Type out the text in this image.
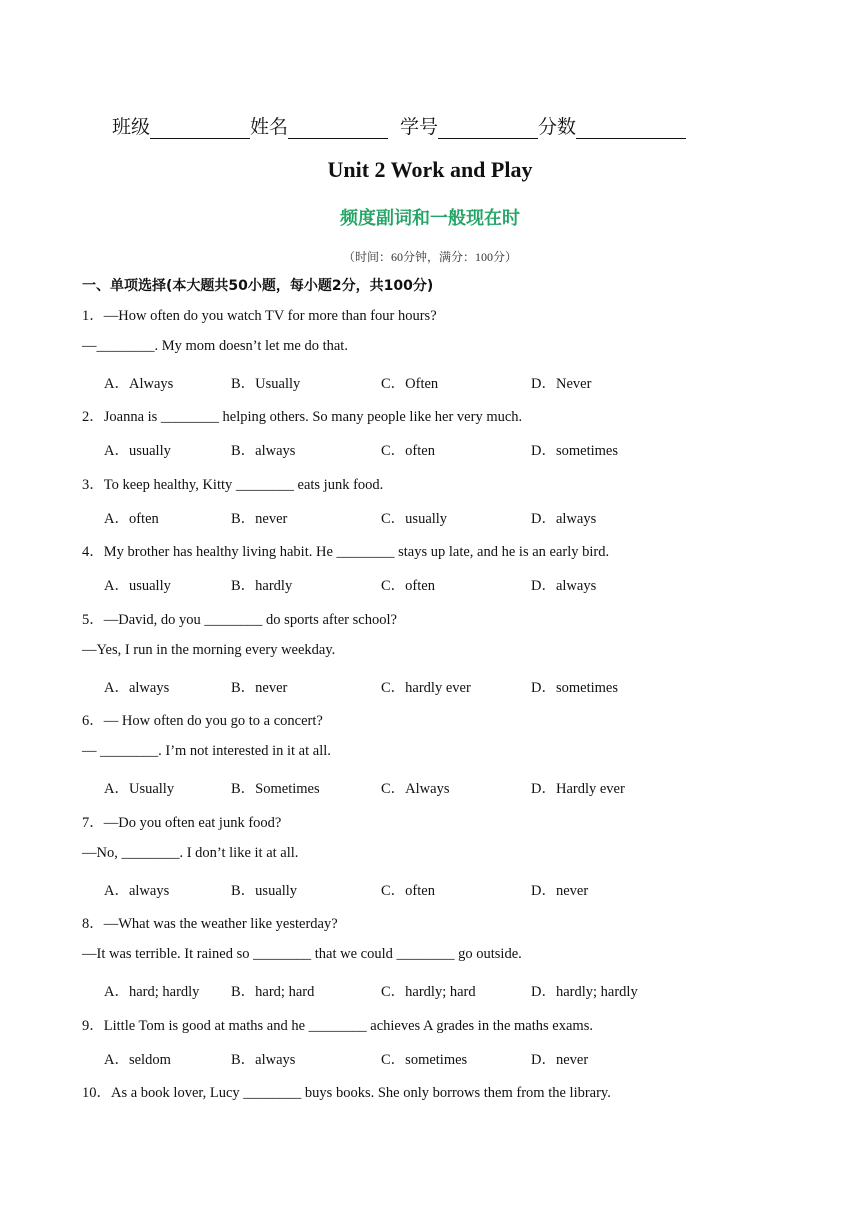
班级	姓名	学号	分数
Unit 2 Work and Play
频度副词和一般现在时
（时间：60分钟，满分：100分）
一、单项选择(本大题共50小题，每小题2分，共100分)
1．—How often do you watch TV for more than four hours?
—________. My mom doesn’t let me do that.
A．Always	B．Usually	C．Often	D．Never
2．Joanna is ________ helping others. So many people like her very much.
A．usually	B．always	C．often	D．sometimes
3．To keep healthy, Kitty ________ eats junk food.
A．often	B．never	C．usually	D．always
4．My brother has healthy living habit. He ________ stays up late, and he is an early bird.
A．usually	B．hardly	C．often	D．always
5．—David, do you ________ do sports after school?
—Yes, I run in the morning every weekday.
A．always	B．never	C．hardly ever	D．sometimes
6．— How often do you go to a concert?
— ________. I’m not interested in it at all.
A．Usually	B．Sometimes	C．Always	D．Hardly ever
7．—Do you often eat junk food?
—No, ________. I don’t like it at all.
A．always	B．usually	C．often	D．never
8．—What was the weather like yesterday?
—It was terrible. It rained so ________ that we could ________ go outside.
A．hard; hardly B．hard; hard	C．hardly; hard	D．hardly; hardly
9．Little Tom is good at maths and he ________ achieves A grades in the maths exams.
A．seldom	B．always	C．sometimes	D．never
10．As a book lover, Lucy ________ buys books. She only borrows them from the library.
